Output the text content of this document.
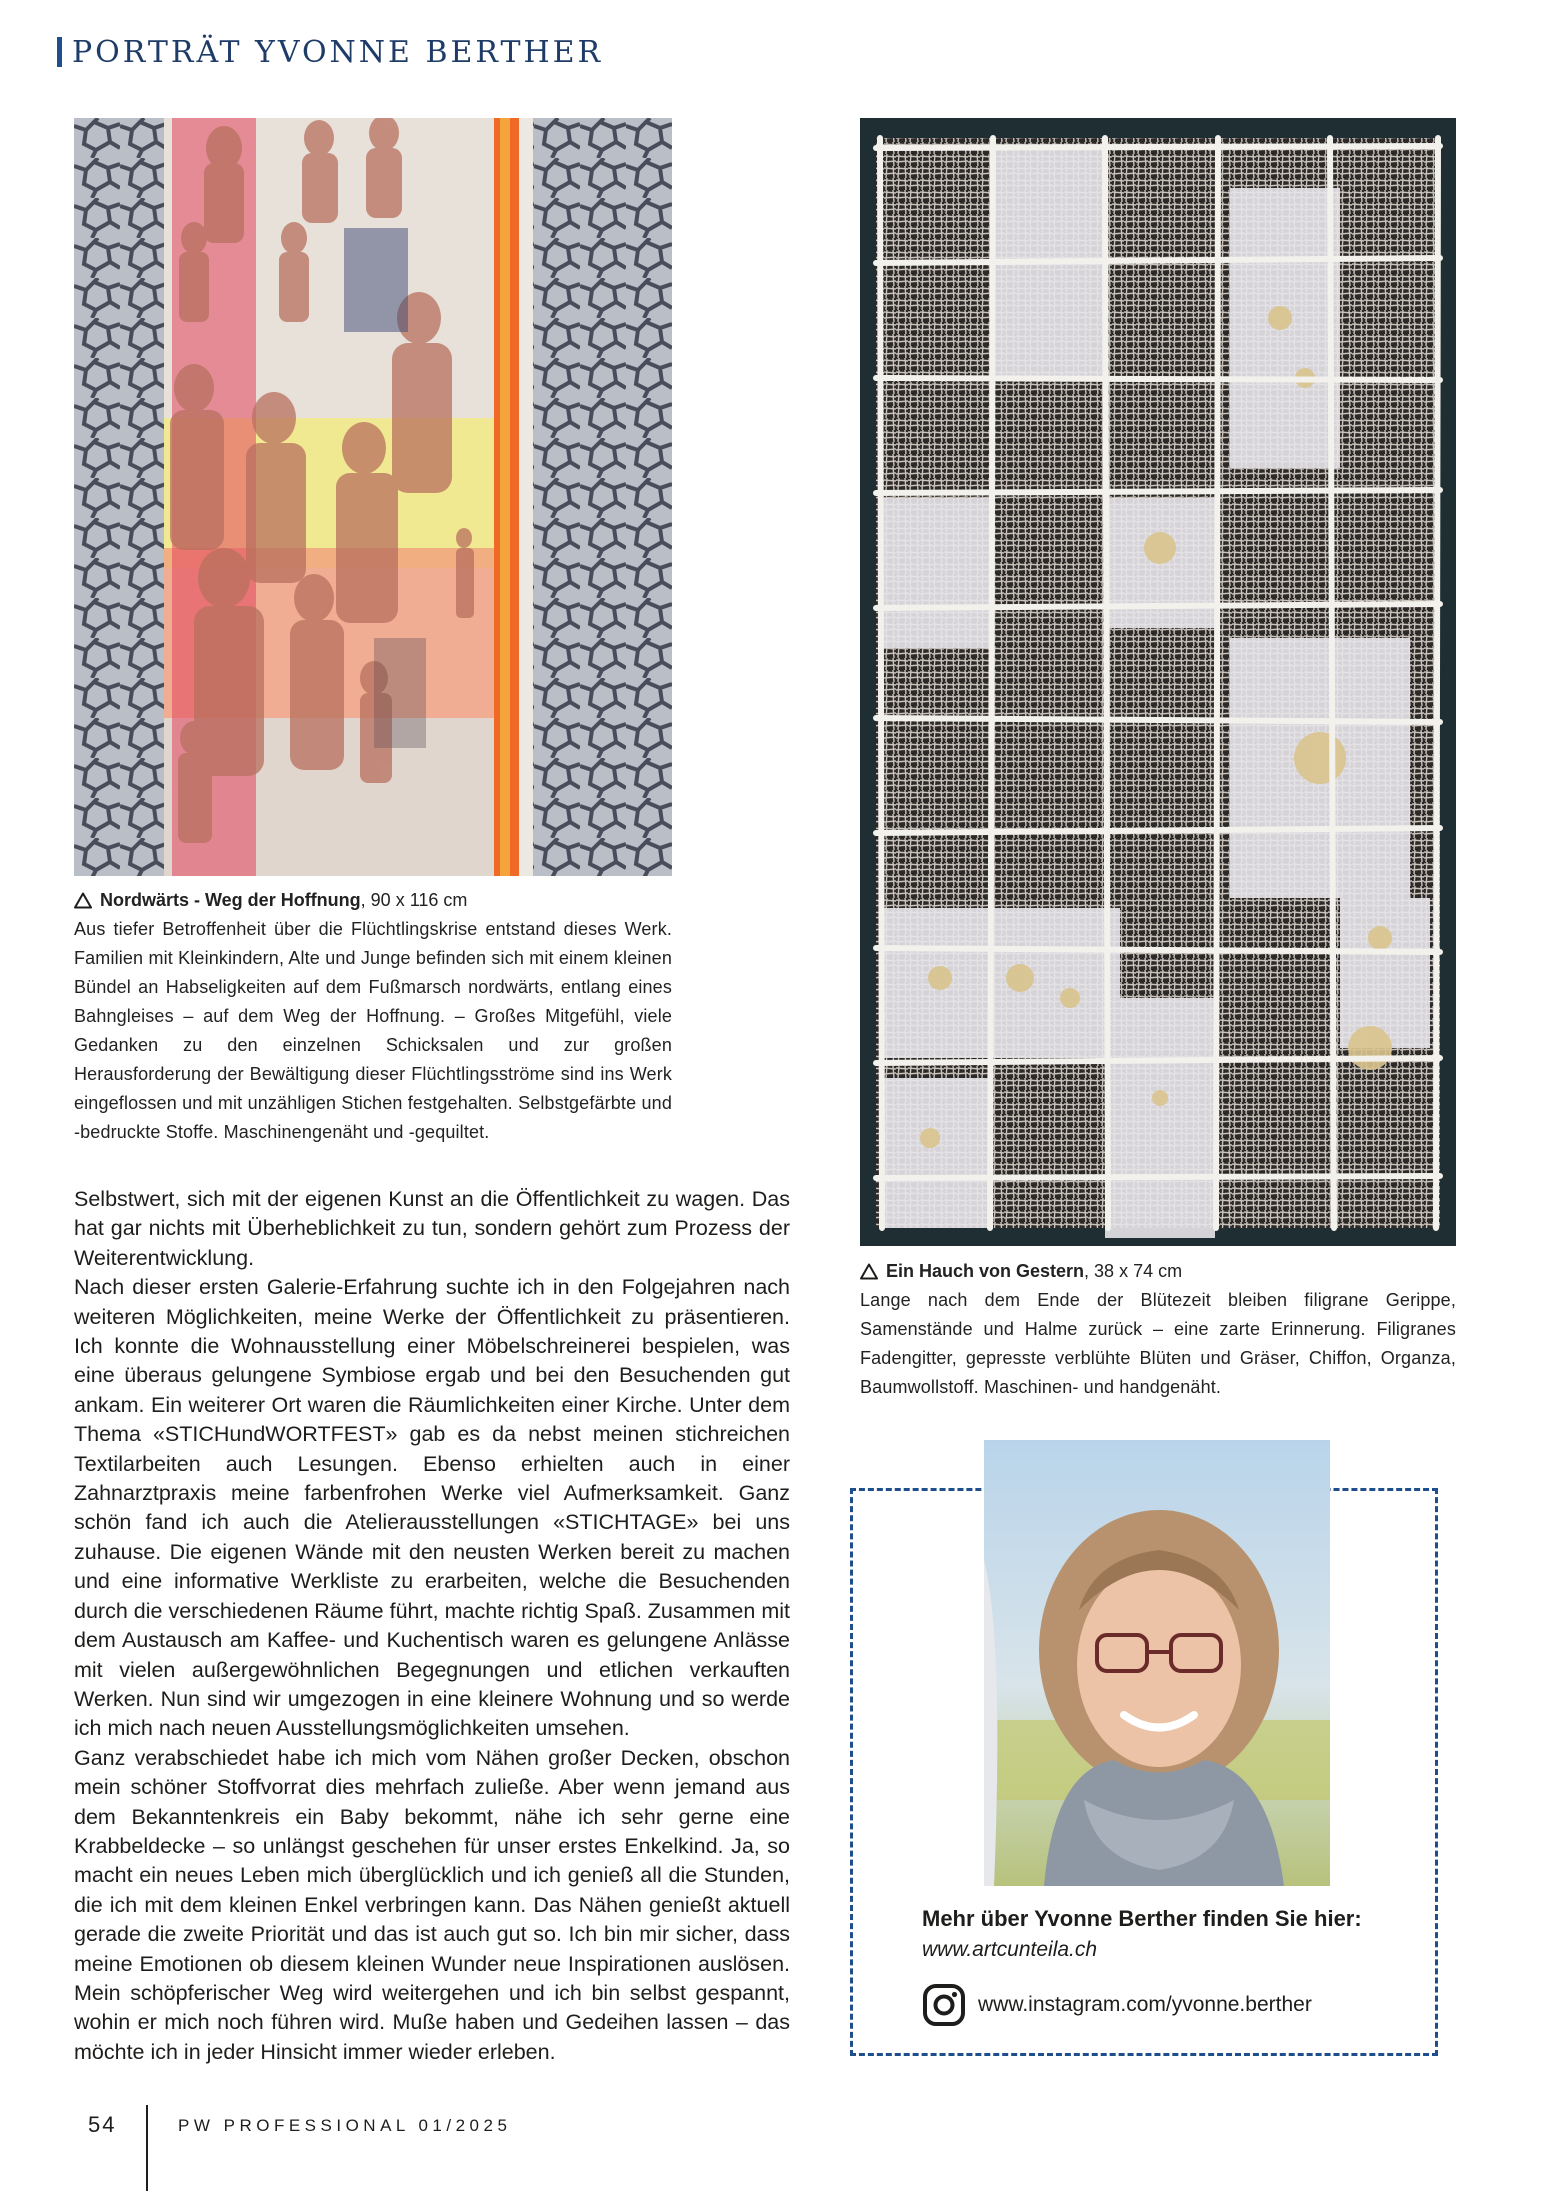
PORTRÄT YVONNE BERTHER
Nordwärts - Weg der Hoffnung , 90 x 116 cm
Aus tiefer Betroffenheit über die Flüchtlingskrise entstand dieses Werk. Familien mit Kleinkindern, Alte und Junge befinden sich mit einem kleinen Bündel an Habseligkeiten auf dem Fußmarsch nordwärts, entlang eines Bahngleises – auf dem Weg der Hoffnung. – Großes Mitgefühl, viele Gedanken zu den einzelnen Schicksalen und zur großen Herausforderung der Bewältigung dieser Flüchtlingsströme sind ins Werk eingeflossen und mit unzähligen Stichen festgehalten. Selbstgefärbte und -bedruckte Stoffe. Maschinengenäht und -gequiltet.
Ein Hauch von Gestern , 38 x 74 cm
Lange nach dem Ende der Blütezeit bleiben filigrane Gerippe, Samenstände und Halme zurück – eine zarte Erinnerung. Filigranes Fadengitter, gepresste verblühte Blüten und Gräser, Chiffon, Organza, Baumwollstoff. Maschinen- und handgenäht.

Selbstwert, sich mit der eigenen Kunst an die Öffentlichkeit zu wagen. Das hat gar nichts mit Überheblichkeit zu tun, sondern gehört zum Prozess der Weiterentwicklung.

Nach dieser ersten Galerie-Erfahrung suchte ich in den Folgejahren nach weiteren Möglichkeiten, meine Werke der Öffentlichkeit zu präsentieren. Ich konnte die Wohnausstellung einer Möbelschreinerei bespielen, was eine überaus gelungene Symbiose ergab und bei den Besuchenden gut ankam. Ein weiterer Ort waren die Räumlichkeiten einer Kirche. Unter dem Thema «STICHundWORTFEST» gab es da nebst meinen stichreichen Textilarbeiten auch Lesungen. Ebenso erhielten auch in einer Zahnarztpraxis meine farbenfrohen Werke viel Aufmerksamkeit. Ganz schön fand ich auch die Atelierausstellungen «STICHTAGE» bei uns zuhause. Die eigenen Wände mit den neusten Werken bereit zu machen und eine informative Werkliste zu erarbeiten, welche die Besuchenden durch die verschiedenen Räume führt, machte richtig Spaß. Zusammen mit dem Austausch am Kaffee- und Kuchentisch waren es gelungene Anlässe mit vielen außergewöhnlichen Begegnungen und etlichen verkauften Werken. Nun sind wir umgezogen in eine kleinere Wohnung und so werde ich mich nach neuen Ausstellungsmöglichkeiten umsehen.

Ganz verabschiedet habe ich mich vom Nähen großer Decken, obschon mein schöner Stoffvorrat dies mehrfach zuließe. Aber wenn jemand aus dem Bekanntenkreis ein Baby bekommt, nähe ich sehr gerne eine Krabbeldecke – so unlängst geschehen für unser erstes Enkelkind. Ja, so macht ein neues Leben mich überglücklich und ich genieß all die Stunden, die ich mit dem kleinen Enkel verbringen kann. Das Nähen genießt aktuell gerade die zweite Priorität und das ist auch gut so. Ich bin mir sicher, dass meine Emotionen ob diesem kleinen Wunder neue Inspirationen auslösen. Mein schöpferischer Weg wird weitergehen und ich bin selbst gespannt, wohin er mich noch führen wird. Muße haben und Gedeihen lassen – das möchte ich in jeder Hinsicht immer wieder erleben.

Mehr über Yvonne Berther finden Sie hier:
www.artcunteila.ch
www.instagram.com/yvonne.berther
54	PW PROFESSIONAL 01/2025
